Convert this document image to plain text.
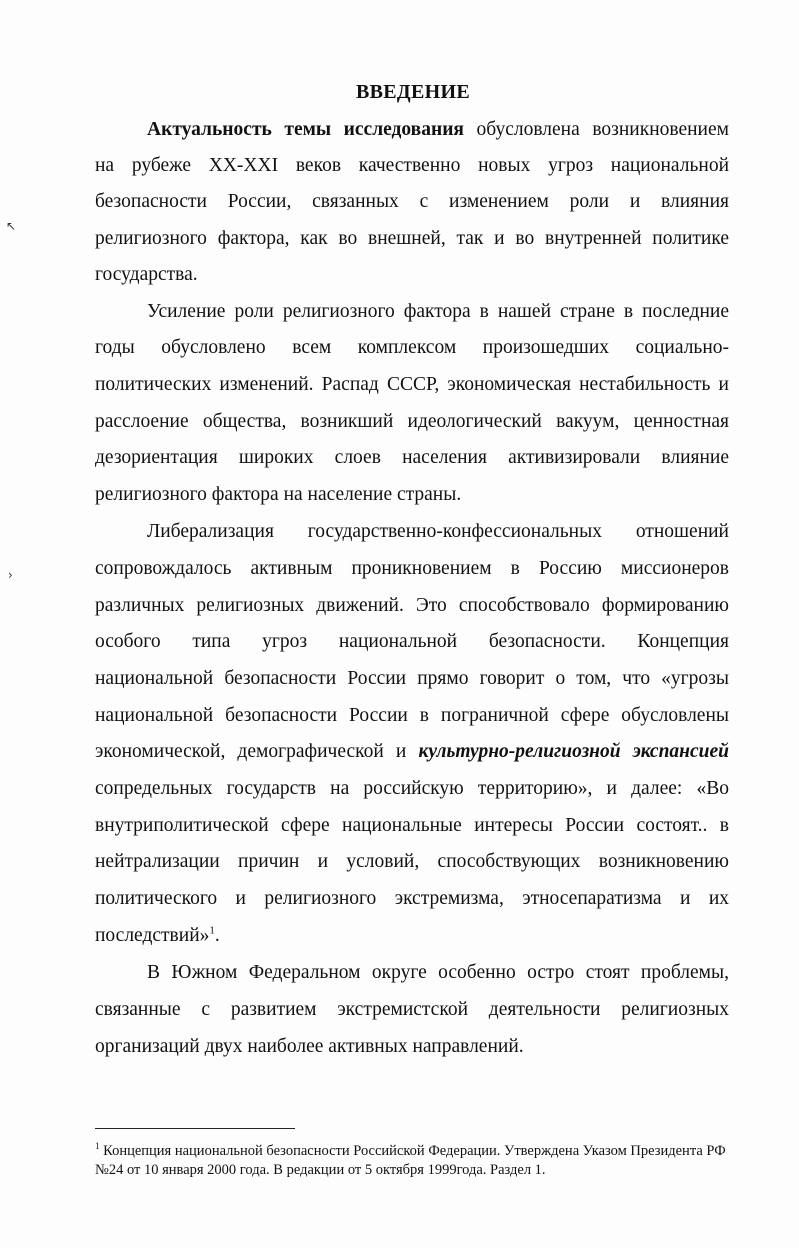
↖
›
ВВЕДЕНИЕ
Актуальность темы исследования обусловлена возникновением
на рубеже XX-XXI веков качественно новых угроз национальной
безопасности России, связанных с изменением роли и влияния
религиозного фактора, как во внешней, так и во внутренней политике
государства.
Усиление роли религиозного фактора в нашей стране в последние
годы обусловлено всем комплексом произошедших социально-
политических изменений. Распад СССР, экономическая нестабильность и
расслоение общества, возникший идеологический вакуум, ценностная
дезориентация широких слоев населения активизировали влияние
религиозного фактора на население страны.
Либерализация государственно-конфессиональных отношений
сопровождалось активным проникновением в Россию миссионеров
различных религиозных движений. Это способствовало формированию
особого типа угроз национальной безопасности. Концепция
национальной безопасности России прямо говорит о том, что «угрозы
национальной безопасности России в пограничной сфере обусловлены
экономической, демографической и культурно-религиозной экспансией
сопредельных государств на российскую территорию», и далее: «Во
внутриполитической сфере национальные интересы России состоят.. в
нейтрализации причин и условий, способствующих возникновению
политического и религиозного экстремизма, этносепаратизма и их
последствий»$^1$.
В Южном Федеральном округе особенно остро стоят проблемы,
связанные с развитием экстремистской деятельности религиозных
организаций двух наиболее активных направлений.
$^1$ Концепция национальной безопасности Российской Федерации. Утверждена Указом Президента РФ
№24 от 10 января 2000 года. В редакции от 5 октября 1999года. Раздел 1.
